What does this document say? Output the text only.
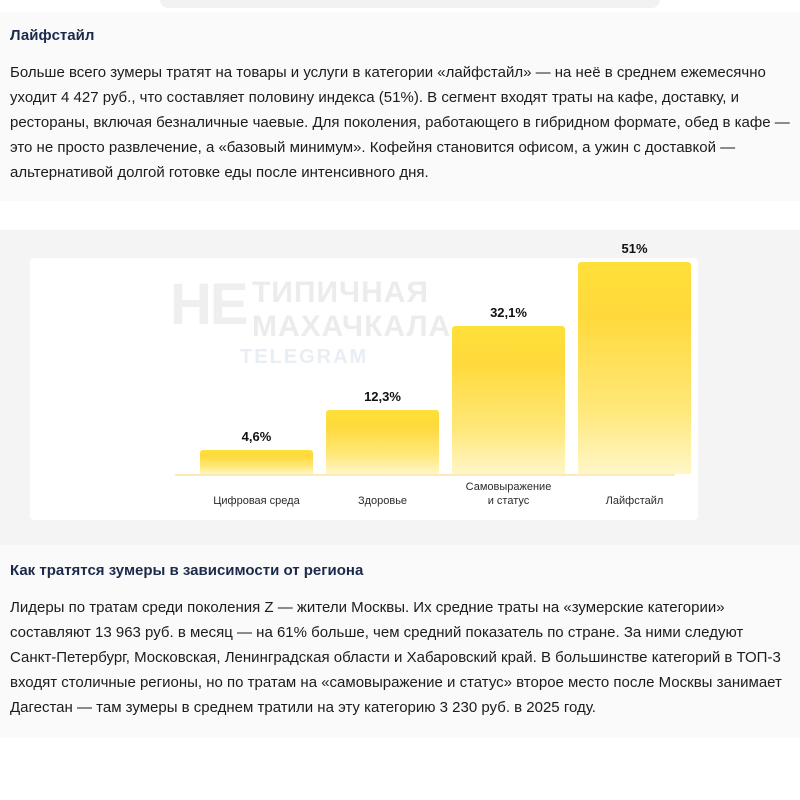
Лайфстайл

Больше всего зумеры тратят на товары и услуги в категории «лайфстайл» — на неё в среднем ежемесячно уходит 4 427 руб., что составляет половину индекса (51%). В сегмент входят траты на кафе, доставку, и рестораны, включая безналичные чаевые. Для поколения, работающего в гибридном формате, обед в кафе — это не просто развлечение, а «базовый минимум». Кофейня становится офисом, а ужин с доставкой — альтернативой долгой готовке еды после интенсивного дня.

НЕ ТИПИЧНАЯ
МАХАЧКАЛА
TELEGRAM
4,6%
Цифровая среда
12,3%
Здоровье
32,1%
Самовыражение
и статус
51%
Лайфстайл
Как тратятся зумеры в зависимости от региона

Лидеры по тратам среди поколения Z — жители Москвы. Их средние траты на «зумерские категории» составляют 13 963 руб. в месяц — на 61% больше, чем средний показатель по стране. За ними следуют Санкт-Петербург, Московская, Ленинградская области и Хабаровский край. В большинстве категорий в ТОП-3 входят столичные регионы, но по тратам на «самовыражение и статус» второе место после Москвы занимает Дагестан — там зумеры в среднем тратили на эту категорию 3 230 руб. в 2025 году.
